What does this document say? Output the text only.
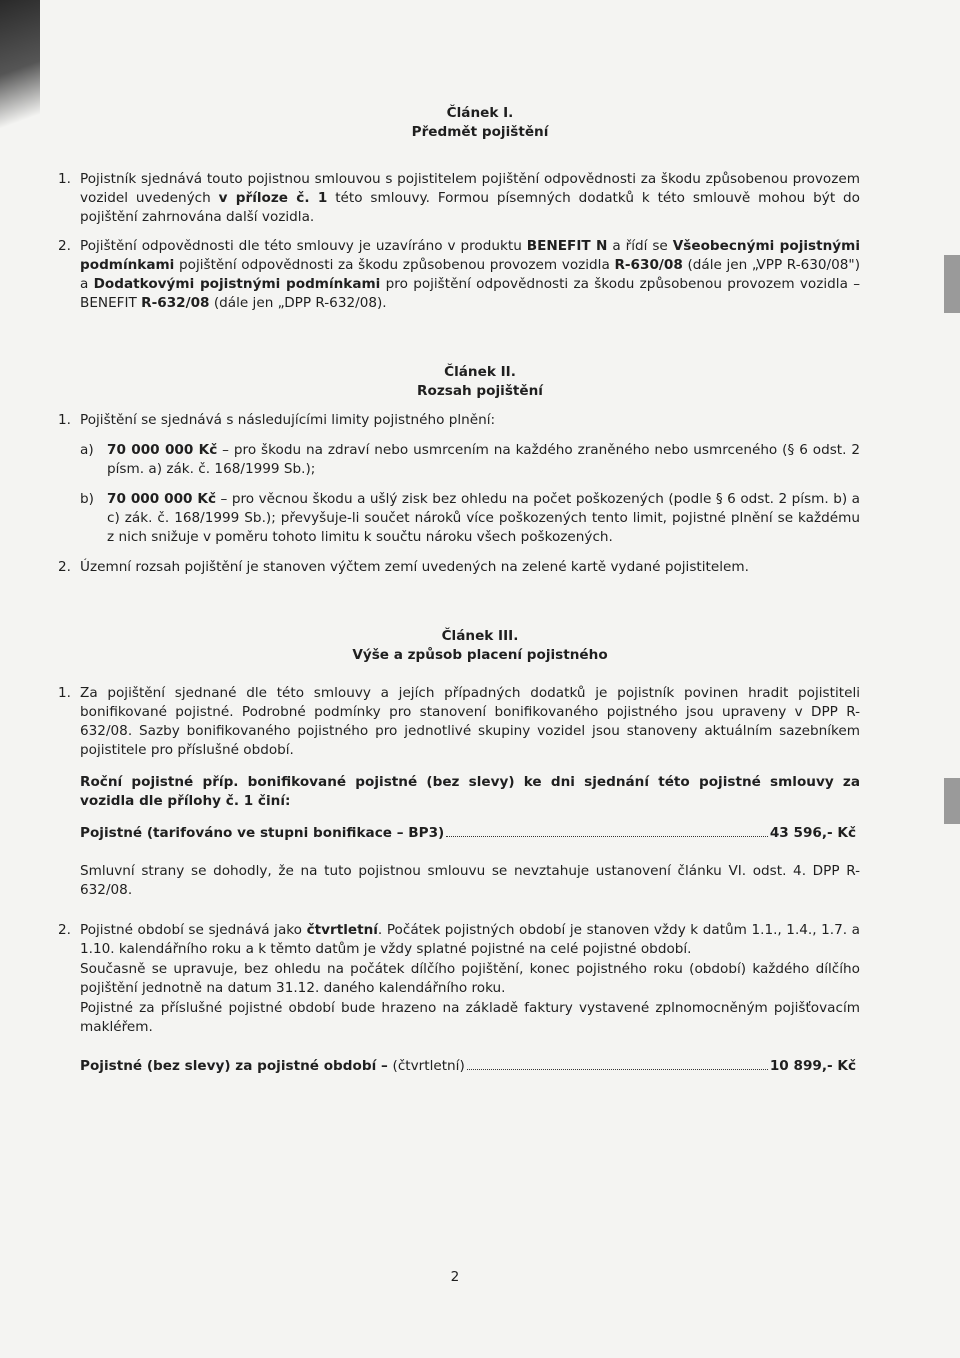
Článek I.
Předmět pojištění
1. Pojistník sjednává touto pojistnou smlouvou s pojistitelem pojištění odpovědnosti za škodu způsobenou provozem vozidel uvedených v příloze č. 1 této smlouvy. Formou písemných dodatků k této smlouvě mohou být do pojištění zahrnována další vozidla.
2. Pojištění odpovědnosti dle této smlouvy je uzavíráno v produktu BENEFIT N a řídí se Všeobecnými pojistnými podmínkami pojištění odpovědnosti za škodu způsobenou provozem vozidla R-630/08 (dále jen „VPP R-630/08") a Dodatkovými pojistnými podmínkami pro pojištění odpovědnosti za škodu způsobenou provozem vozidla – BENEFIT R-632/08 (dále jen „DPP R-632/08).
Článek II.
Rozsah pojištění
1. Pojištění se sjednává s následujícími limity pojistného plnění:
a) 70 000 000 Kč – pro škodu na zdraví nebo usmrcením na každého zraněného nebo usmrceného (§ 6 odst. 2 písm. a) zák. č. 168/1999 Sb.);
b) 70 000 000 Kč – pro věcnou škodu a ušlý zisk bez ohledu na počet poškozených (podle § 6 odst. 2 písm. b) a c) zák. č. 168/1999 Sb.); převyšuje-li součet nároků více poškozených tento limit, pojistné plnění se každému z nich snižuje v poměru tohoto limitu k součtu nároku všech poškozených.
2. Územní rozsah pojištění je stanoven výčtem zemí uvedených na zelené kartě vydané pojistitelem.
Článek III.
Výše a způsob placení pojistného
1. Za pojištění sjednané dle této smlouvy a jejích případných dodatků je pojistník povinen hradit pojistiteli bonifikované pojistné. Podrobné podmínky pro stanovení bonifikovaného pojistného jsou upraveny v DPP R-632/08. Sazby bonifikovaného pojistného pro jednotlivé skupiny vozidel jsou stanoveny aktuálním sazebníkem pojistitele pro příslušné období.
Roční pojistné příp. bonifikované pojistné (bez slevy) ke dni sjednání této pojistné smlouvy za vozidla dle přílohy č. 1 činí:
Pojistné (tarifováno ve stupni bonifikace – BP3)	43 596,- Kč
Smluvní strany se dohodly, že na tuto pojistnou smlouvu se nevztahuje ustanovení článku VI. odst. 4. DPP R-632/08.
2. Pojistné období se sjednává jako čtvrtletní. Počátek pojistných období je stanoven vždy k datům 1.1., 1.4., 1.7. a 1.10. kalendářního roku a k těmto datům je vždy splatné pojistné na celé pojistné období.
Současně se upravuje, bez ohledu na počátek dílčího pojištění, konec pojistného roku (období) každého dílčího pojištění jednotně na datum 31.12. daného kalendářního roku.
Pojistné za příslušné pojistné období bude hrazeno na základě faktury vystavené zplnomocněným pojišťovacím makléřem.
Pojistné (bez slevy) za pojistné období – (čtvrtletní)	10 899,- Kč
2
